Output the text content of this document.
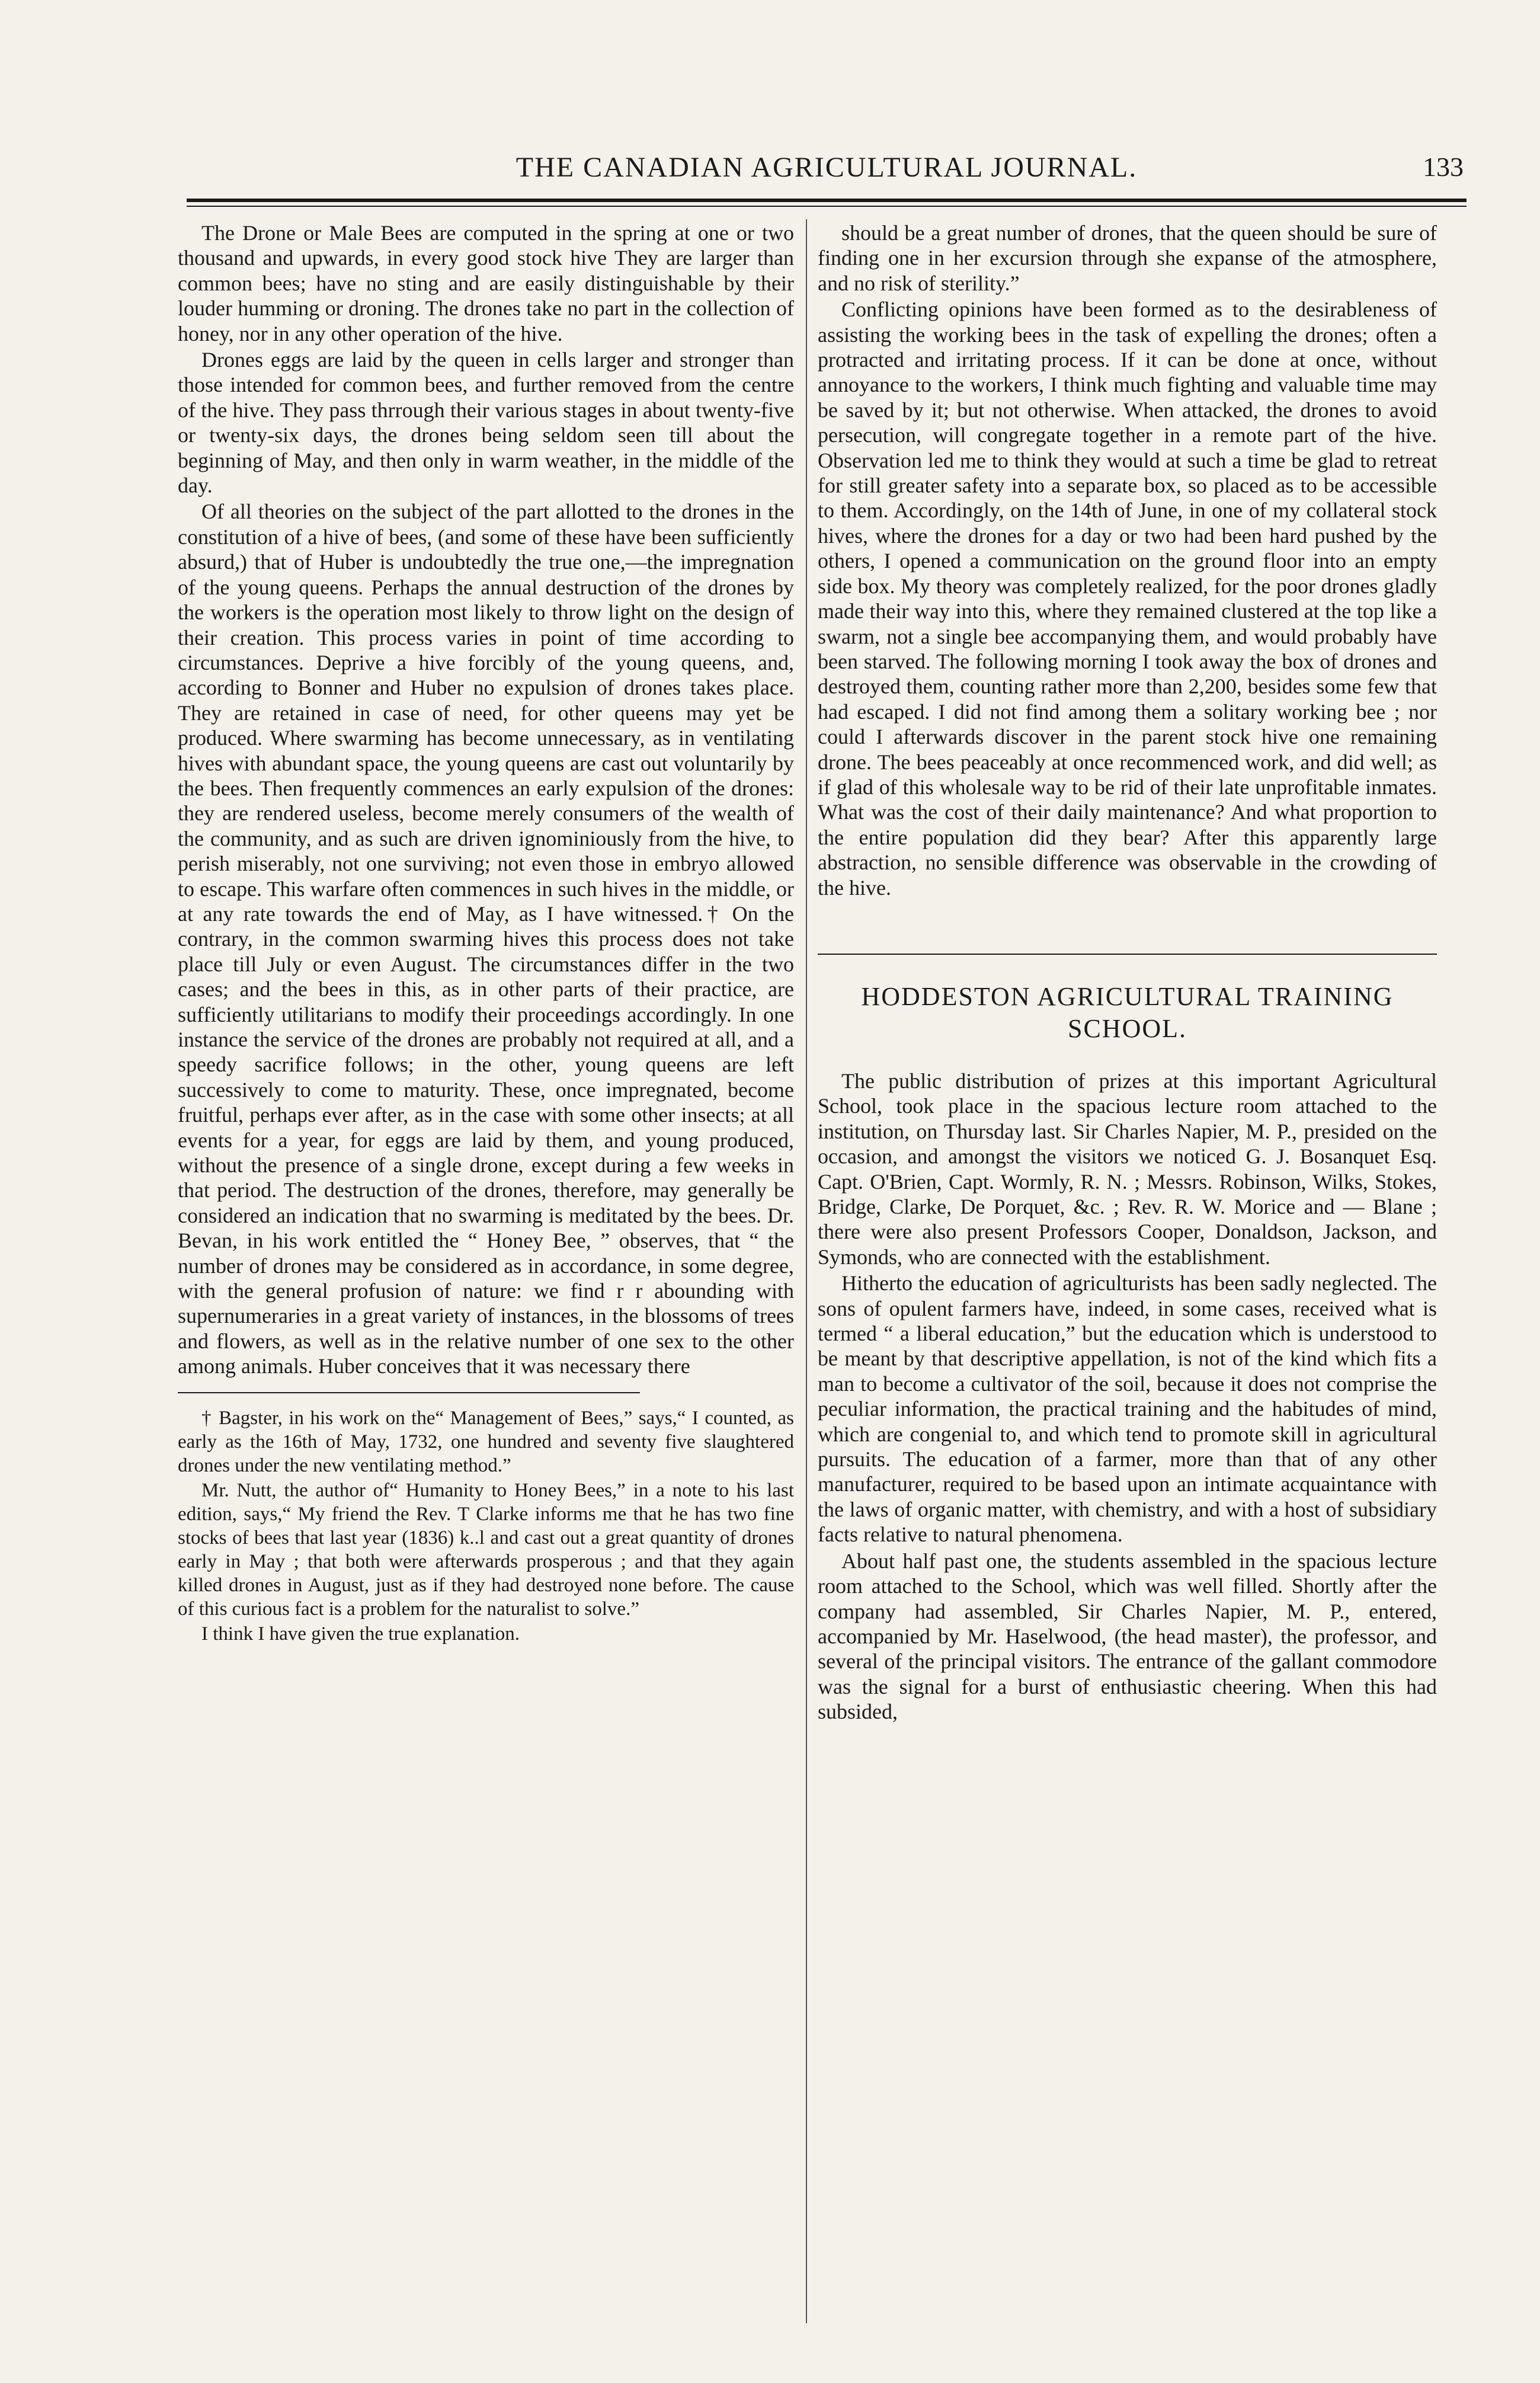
THE CANADIAN AGRICULTURAL JOURNAL.	133

The Drone or Male Bees are computed in the spring at one or two thousand and upwards, in every good stock hive They are larger than common bees; have no sting and are easily distinguishable by their louder humming or droning. The drones take no part in the collection of honey, nor in any other operation of the hive.

Drones eggs are laid by the queen in cells larger and stronger than those intended for common bees, and further removed from the centre of the hive. They pass thrrough their various stages in about twenty-five or twenty-six days, the drones being seldom seen till about the beginning of May, and then only in warm weather, in the middle of the day.

Of all theories on the subject of the part allotted to the drones in the constitution of a hive of bees, (and some of these have been sufficiently absurd,) that of Huber is undoubtedly the true one,—the impregnation of the young queens. Perhaps the annual destruction of the drones by the workers is the operation most likely to throw light on the design of their creation. This process varies in point of time according to circumstances. Deprive a hive forcibly of the young queens, and, according to Bonner and Huber no expulsion of drones takes place. They are retained in case of need, for other queens may yet be produced. Where swarming has become unnecessary, as in ventilating hives with abundant space, the young queens are cast out voluntarily by the bees. Then frequently commences an early expulsion of the drones: they are rendered useless, become merely consumers of the wealth of the community, and as such are driven ignominiously from the hive, to perish miserably, not one surviving; not even those in embryo allowed to escape. This warfare often commences in such hives in the middle, or at any rate towards the end of May, as I have witnessed.† On the contrary, in the common swarming hives this process does not take place till July or even August. The circumstances differ in the two cases; and the bees in this, as in other parts of their practice, are sufficiently utilitarians to modify their proceedings accordingly. In one instance the service of the drones are probably not required at all, and a speedy sacrifice follows; in the other, young queens are left successively to come to maturity. These, once impregnated, become fruitful, perhaps ever after, as in the case with some other insects; at all events for a year, for eggs are laid by them, and young produced, without the presence of a single drone, except during a few weeks in that period. The destruction of the drones, therefore, may generally be considered an indication that no swarming is meditated by the bees. Dr. Bevan, in his work entitled the “ Honey Bee, ” observes, that “ the number of drones may be considered as in accordance, in some degree, with the general profusion of nature: we find r r abounding with supernumeraries in a great variety of instances, in the blossoms of trees and flowers, as well as in the relative number of one sex to the other among animals. Huber conceives that it was necessary there

† Bagster, in his work on the“ Management of Bees,” says,“ I counted, as early as the 16th of May, 1732, one hundred and seventy five slaughtered drones under the new ventilating method.”

Mr. Nutt, the author of“ Humanity to Honey Bees,” in a note to his last edition, says,“ My friend the Rev. T Clarke informs me that he has two fine stocks of bees that last year (1836) k..l and cast out a great quantity of drones early in May ; that both were afterwards prosperous ; and that they again killed drones in August, just as if they had destroyed none before. The cause of this curious fact is a problem for the naturalist to solve.”

I think I have given the true explanation.

should be a great number of drones, that the queen should be sure of finding one in her excursion through she expanse of the atmosphere, and no risk of sterility.”

Conflicting opinions have been formed as to the desirableness of assisting the working bees in the task of expelling the drones; often a protracted and irritating process. If it can be done at once, without annoyance to the workers, I think much fighting and valuable time may be saved by it; but not otherwise. When attacked, the drones to avoid persecution, will congregate together in a remote part of the hive. Observation led me to think they would at such a time be glad to retreat for still greater safety into a separate box, so placed as to be accessible to them. Accordingly, on the 14th of June, in one of my collateral stock hives, where the drones for a day or two had been hard pushed by the others, I opened a communication on the ground floor into an empty side box. My theory was completely realized, for the poor drones gladly made their way into this, where they remained clustered at the top like a swarm, not a single bee accompanying them, and would probably have been starved. The following morning I took away the box of drones and destroyed them, counting rather more than 2,200, besides some few that had escaped. I did not find among them a solitary working bee ; nor could I afterwards discover in the parent stock hive one remaining drone. The bees peaceably at once recommenced work, and did well; as if glad of this wholesale way to be rid of their late unprofitable inmates. What was the cost of their daily maintenance? And what proportion to the entire population did they bear? After this apparently large abstraction, no sensible difference was observable in the crowding of the hive.

HODDESTON AGRICULTURAL TRAINING
SCHOOL.

The public distribution of prizes at this important Agricultural School, took place in the spacious lecture room attached to the institution, on Thursday last. Sir Charles Napier, M. P., presided on the occasion, and amongst the visitors we noticed G. J. Bosanquet Esq. Capt. O'Brien, Capt. Wormly, R. N. ; Messrs. Robinson, Wilks, Stokes, Bridge, Clarke, De Porquet, &c. ; Rev. R. W. Morice and — Blane ; there were also present Professors Cooper, Donaldson, Jackson, and Symonds, who are connected with the establishment.

Hitherto the education of agriculturists has been sadly neglected. The sons of opulent farmers have, indeed, in some cases, received what is termed “ a liberal education,” but the education which is understood to be meant by that descriptive appellation, is not of the kind which fits a man to become a cultivator of the soil, because it does not comprise the peculiar information, the practical training and the habitudes of mind, which are congenial to, and which tend to promote skill in agricultural pursuits. The education of a farmer, more than that of any other manufacturer, required to be based upon an intimate acquaintance with the laws of organic matter, with chemistry, and with a host of subsidiary facts relative to natural phenomena.

About half past one, the students assembled in the spacious lecture room attached to the School, which was well filled. Shortly after the company had assembled, Sir Charles Napier, M. P., entered, accompanied by Mr. Haselwood, (the head master), the professor, and several of the principal visitors. The entrance of the gallant commodore was the signal for a burst of enthusiastic cheering. When this had subsided,
